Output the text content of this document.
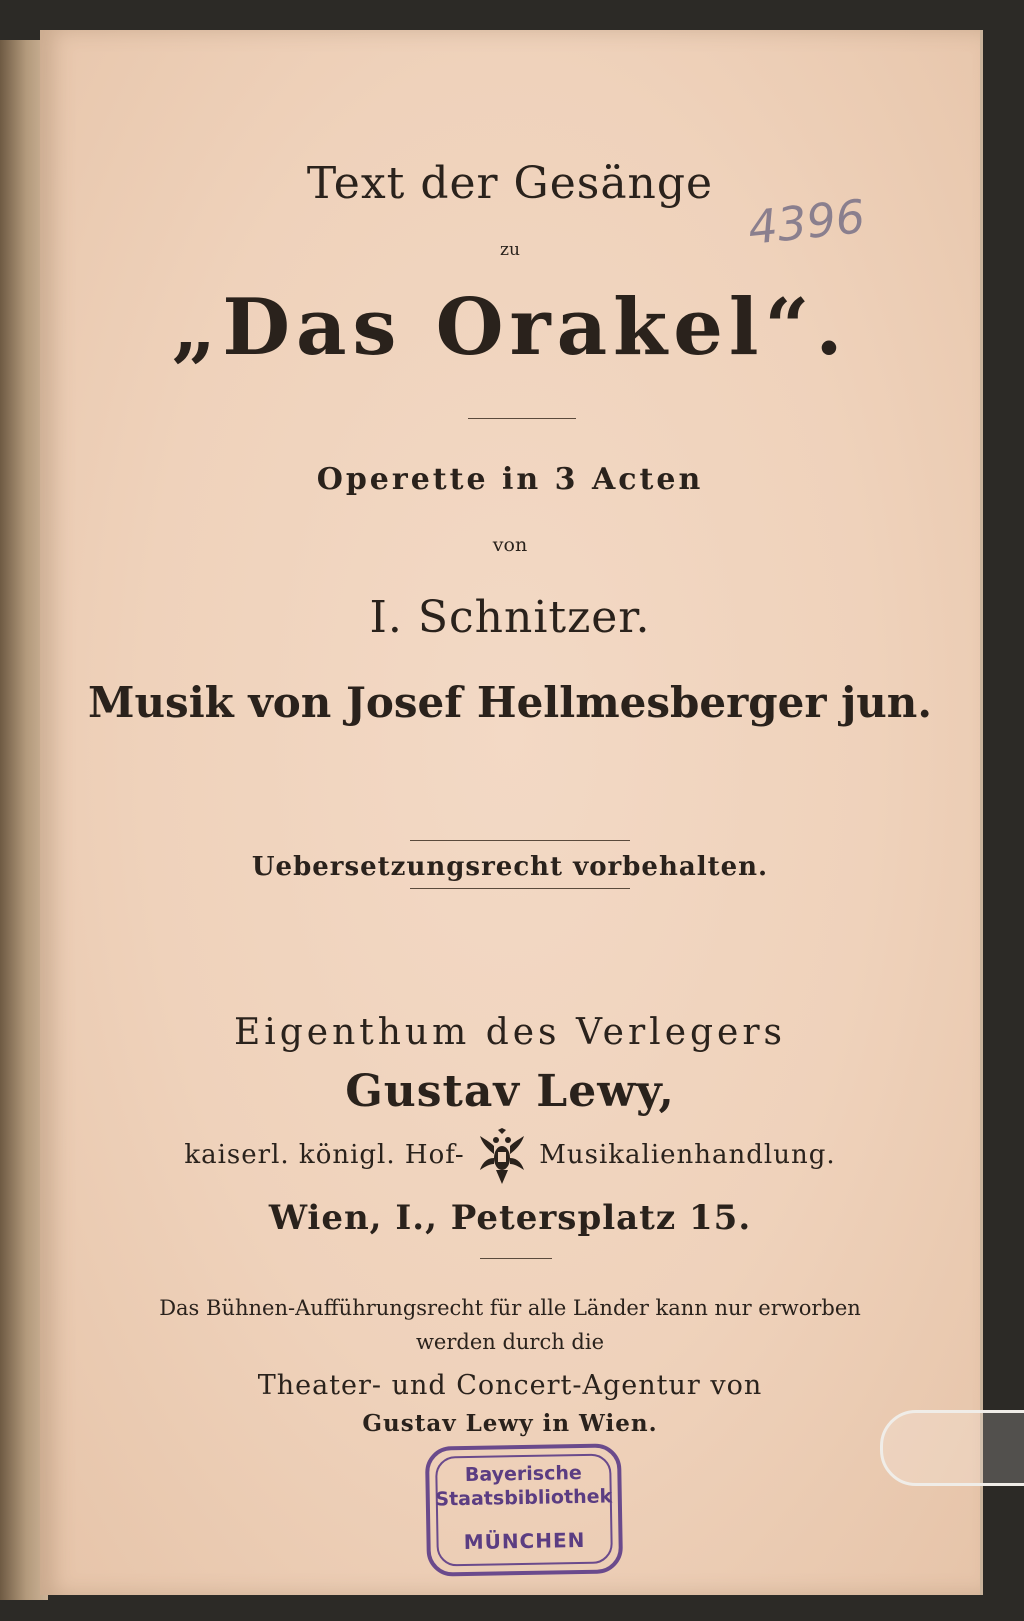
Text der Gesänge
4396
zu
„Das Orakel“.
Operette in 3 Acten
von
I. Schnitzer.
Musik von Josef Hellmesberger jun.
Uebersetzungsrecht vorbehalten.
Eigenthum des Verlegers
Gustav Lewy,
kaiserl. königl. Hof-	Musikalienhandlung.
Wien, I., Petersplatz 15.
Das Bühnen-Aufführungsrecht für alle Länder kann nur erworben
werden durch die
Theater- und Concert-Agentur von
Gustav Lewy in Wien.
Bayerische
Staatsbibliothek
MÜNCHEN
